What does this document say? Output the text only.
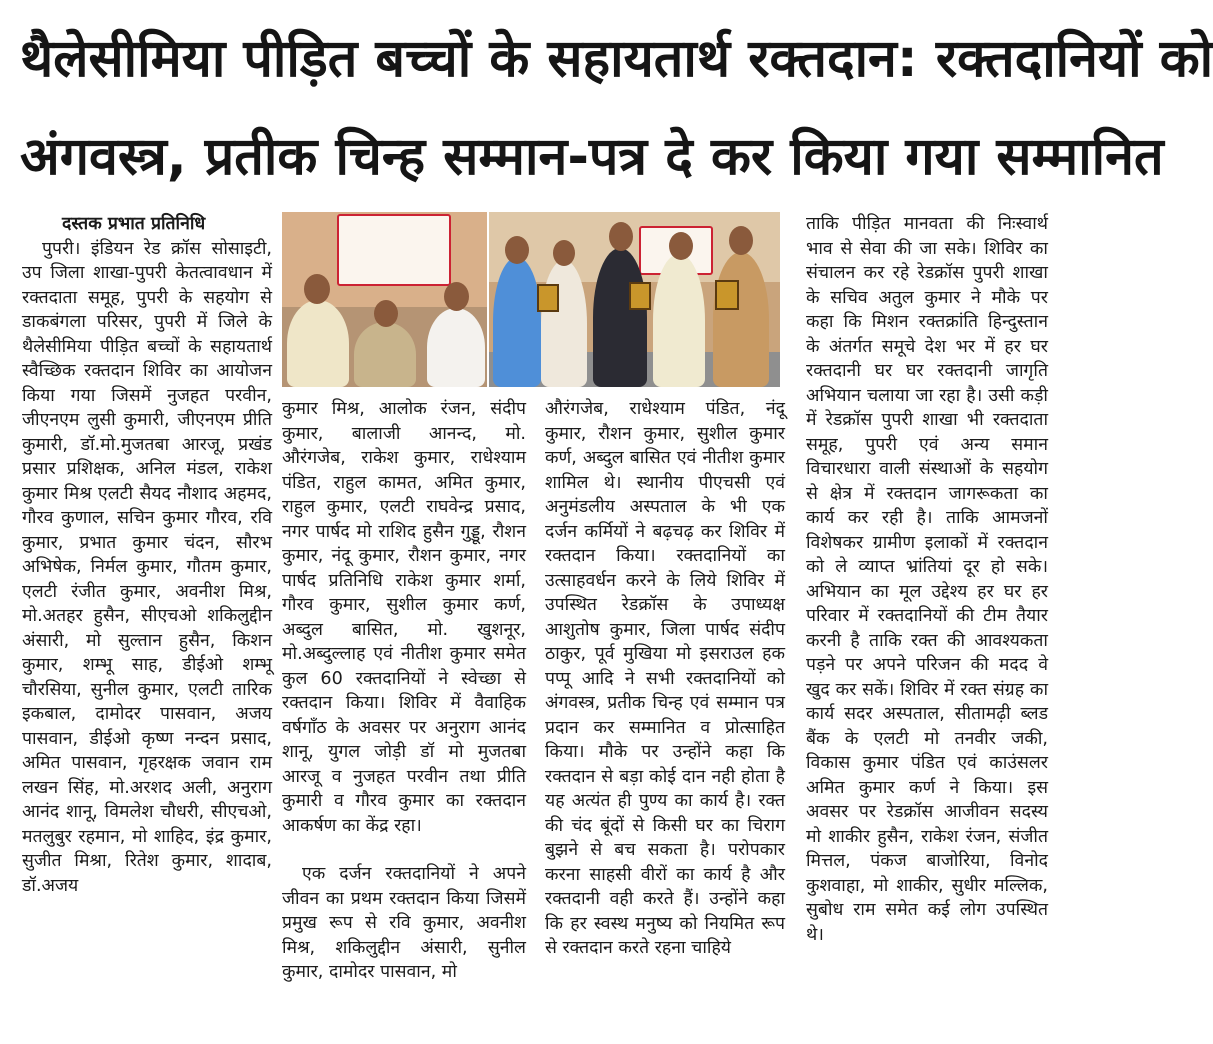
थैलेसीमिया पीड़ित बच्चों के सहायतार्थ रक्तदान: रक्तदानियों को
अंगवस्त्र, प्रतीक चिन्ह सम्मान-पत्र दे कर किया गया सम्मानित

दस्तक प्रभात प्रतिनिधि

पुपरी। इंडियन रेड क्रॉस सोसाइटी, उप जिला शाखा-पुपरी केतत्वावधान में रक्तदाता समूह, पुपरी के सहयोग से डाकबंगला परिसर, पुपरी में जिले के थैलेसीमिया पीड़ित बच्चों के सहायतार्थ स्वैच्छिक रक्तदान शिविर का आयोजन किया गया जिसमें नुजहत परवीन, जीएनएम लुसी कुमारी, जीएनएम प्रीति कुमारी, डॉ.मो.मुजतबा आरजू, प्रखंड प्रसार प्रशिक्षक, अनिल मंडल, राकेश कुमार मिश्र एलटी सैयद नौशाद अहमद, गौरव कुणाल, सचिन कुमार गौरव, रवि कुमार, प्रभात कुमार चंदन, सौरभ अभिषेक, निर्मल कुमार, गौतम कुमार, एलटी रंजीत कुमार, अवनीश मिश्र, मो.अतहर हुसैन, सीएचओ शकिलुद्दीन अंसारी, मो सुल्तान हुसैन, किशन कुमार, शम्भू साह, डीईओ शम्भू चौरसिया, सुनील कुमार, एलटी तारिक इकबाल, दामोदर पासवान, अजय पासवान, डीईओ कृष्ण नन्दन प्रसाद, अमित पासवान, गृहरक्षक जवान राम लखन सिंह, मो.अरशद अली, अनुराग आनंद शानू, विमलेश चौधरी, सीएचओ, मतलुबुर रहमान, मो शाहिद, इंद्र कुमार, सुजीत मिश्रा, रितेश कुमार, शादाब, डॉ.अजय

कुमार मिश्र, आलोक रंजन, संदीप कुमार, बालाजी आनन्द, मो. औरंगजेब, राकेश कुमार, राधेश्याम पंडित, राहुल कामत, अमित कुमार, राहुल कुमार, एलटी राघवेन्द्र प्रसाद, नगर पार्षद मो राशिद हुसैन गुड्डू, रौशन कुमार, नंदू कुमार, रौशन कुमार, नगर पार्षद प्रतिनिधि राकेश कुमार शर्मा, गौरव कुमार, सुशील कुमार कर्ण, अब्दुल बासित, मो. खुशनूर, मो.अब्दुल्लाह एवं नीतीश कुमार समेत कुल 60 रक्तदानियों ने स्वेच्छा से रक्तदान किया। शिविर में वैवाहिक वर्षगाँठ के अवसर पर अनुराग आनंद शानू, युगल जोड़ी डॉ मो मुजतबा आरजू व नुजहत परवीन तथा प्रीति कुमारी व गौरव कुमार का रक्तदान आकर्षण का केंद्र रहा।

एक दर्जन रक्तदानियों ने अपने जीवन का प्रथम रक्तदान किया जिसमें प्रमुख रूप से रवि कुमार, अवनीश मिश्र, शकिलुद्दीन अंसारी, सुनील कुमार, दामोदर पासवान, मो

औरंगजेब, राधेश्याम पंडित, नंदू कुमार, रौशन कुमार, सुशील कुमार कर्ण, अब्दुल बासित एवं नीतीश कुमार शामिल थे। स्थानीय पीएचसी एवं अनुमंडलीय अस्पताल के भी एक दर्जन कर्मियों ने बढ़चढ़ कर शिविर में रक्तदान किया। रक्तदानियों का उत्साहवर्धन करने के लिये शिविर में उपस्थित रेडक्रॉस के उपाध्यक्ष आशुतोष कुमार, जिला पार्षद संदीप ठाकुर, पूर्व मुखिया मो इसराउल हक पप्पू आदि ने सभी रक्तदानियों को अंगवस्त्र, प्रतीक चिन्ह एवं सम्मान पत्र प्रदान कर सम्मानित व प्रोत्साहित किया। मौके पर उन्होंने कहा कि रक्तदान से बड़ा कोई दान नही होता है यह अत्यंत ही पुण्य का कार्य है। रक्त की चंद बूंदों से किसी घर का चिराग बुझने से बच सकता है। परोपकार करना साहसी वीरों का कार्य है और रक्तदानी वही करते हैं। उन्होंने कहा कि हर स्वस्थ मनुष्य को नियमित रूप से रक्तदान करते रहना चाहिये

ताकि पीड़ित मानवता की निःस्वार्थ भाव से सेवा की जा सके। शिविर का संचालन कर रहे रेडक्रॉस पुपरी शाखा के सचिव अतुल कुमार ने मौके पर कहा कि मिशन रक्तक्रांति हिन्दुस्तान के अंतर्गत समूचे देश भर में हर घर रक्तदानी घर घर रक्तदानी जागृति अभियान चलाया जा रहा है। उसी कड़ी में रेडक्रॉस पुपरी शाखा भी रक्तदाता समूह, पुपरी एवं अन्य समान विचारधारा वाली संस्थाओं के सहयोग से क्षेत्र में रक्तदान जागरूकता का कार्य कर रही है। ताकि आमजनों विशेषकर ग्रामीण इलाकों में रक्तदान को ले व्याप्त भ्रांतियां दूर हो सके। अभियान का मूल उद्देश्य हर घर हर परिवार में रक्तदानियों की टीम तैयार करनी है ताकि रक्त की आवश्यकता पड़ने पर अपने परिजन की मदद वे खुद कर सकें। शिविर में रक्त संग्रह का कार्य सदर अस्पताल, सीतामढ़ी ब्लड बैंक के एलटी मो तनवीर जकी, विकास कुमार पंडित एवं काउंसलर अमित कुमार कर्ण ने किया। इस अवसर पर रेडक्रॉस आजीवन सदस्य मो शाकीर हुसैन, राकेश रंजन, संजीत मित्तल, पंकज बाजोरिया, विनोद कुशवाहा, मो शाकीर, सुधीर मल्लिक, सुबोध राम समेत कई लोग उपस्थित थे।
